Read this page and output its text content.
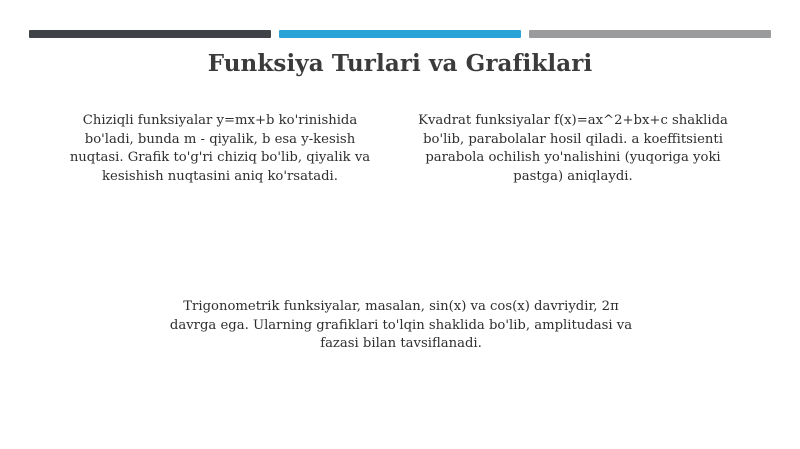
Funksiya Turlari va Grafiklari
Chiziqli funksiyalar y=mx+b ko'rinishida bo'ladi, bunda m - qiyalik, b esa y-kesish nuqtasi. Grafik to'g'ri chiziq bo'lib, qiyalik va kesishish nuqtasini aniq ko'rsatadi.
Kvadrat funksiyalar f(x)=ax^2+bx+c shaklida bo'lib, parabolalar hosil qiladi. a koeffitsienti parabola ochilish yo'nalishini (yuqoriga yoki pastga) aniqlaydi.
Trigonometrik funksiyalar, masalan, sin(x) va cos(x) davriydir, 2π davrga ega. Ularning grafiklari to'lqin shaklida bo'lib, amplitudasi va fazasi bilan tavsiflanadi.
